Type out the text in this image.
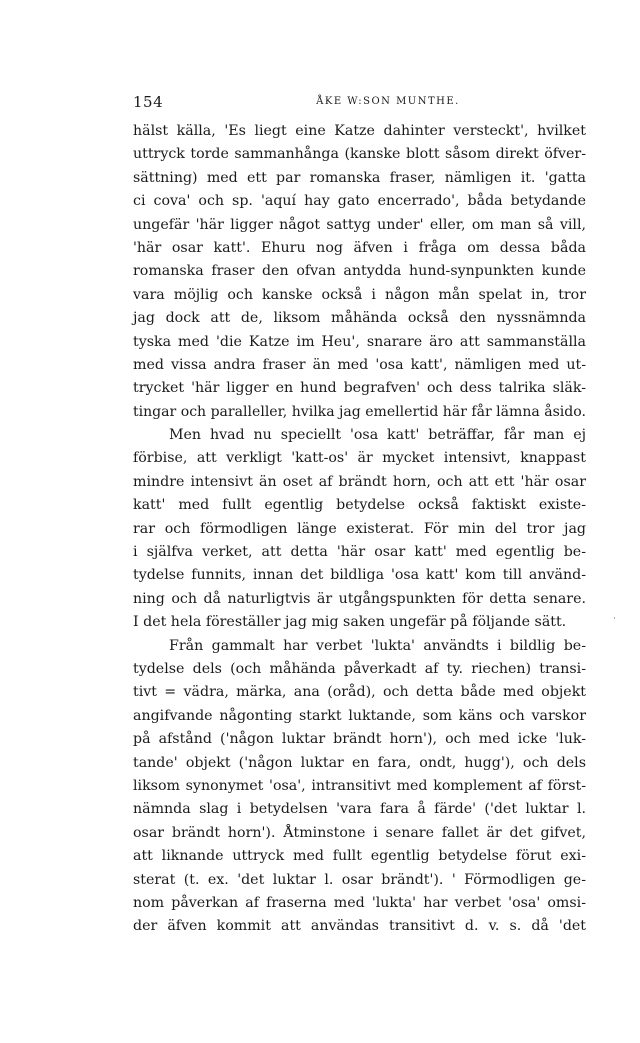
154	ÅKE W:SON MUNTHE.
hälst källa, 'Es liegt eine Katze dahinter versteckt', hvilket
uttryck torde sammanhånga (kanske blott såsom direkt öfver-
sättning) med ett par romanska fraser, nämligen it. 'gatta
ci cova' och sp. 'aquí hay gato encerrado', båda betydande
ungefär 'här ligger något sattyg under' eller, om man så vill,
'här osar katt'. Ehuru nog äfven i fråga om dessa båda
romanska fraser den ofvan antydda hund-synpunkten kunde
vara möjlig och kanske också i någon mån spelat in, tror
jag dock att de, liksom måhända också den nyssnämnda
tyska med 'die Katze im Heu', snarare äro att sammanställa
med vissa andra fraser än med 'osa katt', nämligen med ut-
trycket 'här ligger en hund begrafven' och dess talrika släk-
tingar och paralleller, hvilka jag emellertid här får lämna åsido.
Men hvad nu speciellt 'osa katt' beträffar, får man ej
förbise, att verkligt 'katt-os' är mycket intensivt, knappast
mindre intensivt än oset af brändt horn, och att ett 'här osar
katt' med fullt egentlig betydelse också faktiskt existe-
rar och förmodligen länge existerat. För min del tror jag
i själfva verket, att detta 'här osar katt' med egentlig be-
tydelse funnits, innan det bildliga 'osa katt' kom till använd-
ning och då naturligtvis är utgångspunkten för detta senare.
I det hela föreställer jag mig saken ungefär på följande sätt.
Från gammalt har verbet 'lukta' användts i bildlig be-
tydelse dels (och måhända påverkadt af ty. riechen) transi-
tivt = vädra, märka, ana (oråd), och detta både med objekt
angifvande någonting starkt luktande, som käns och varskor
på afstånd ('någon luktar brändt horn'), och med icke 'luk-
tande' objekt ('någon luktar en fara, ondt, hugg'), och dels
liksom synonymet 'osa', intransitivt med komplement af först-
nämnda slag i betydelsen 'vara fara å färde' ('det luktar l.
osar brändt horn'). Åtminstone i senare fallet är det gifvet,
att liknande uttryck med fullt egentlig betydelse förut exi-
sterat (t. ex. 'det luktar l. osar brändt'). ' Förmodligen ge-
nom påverkan af fraserna med 'lukta' har verbet 'osa' omsi-
der äfven kommit att användas transitivt d. v. s. då 'det
˙
